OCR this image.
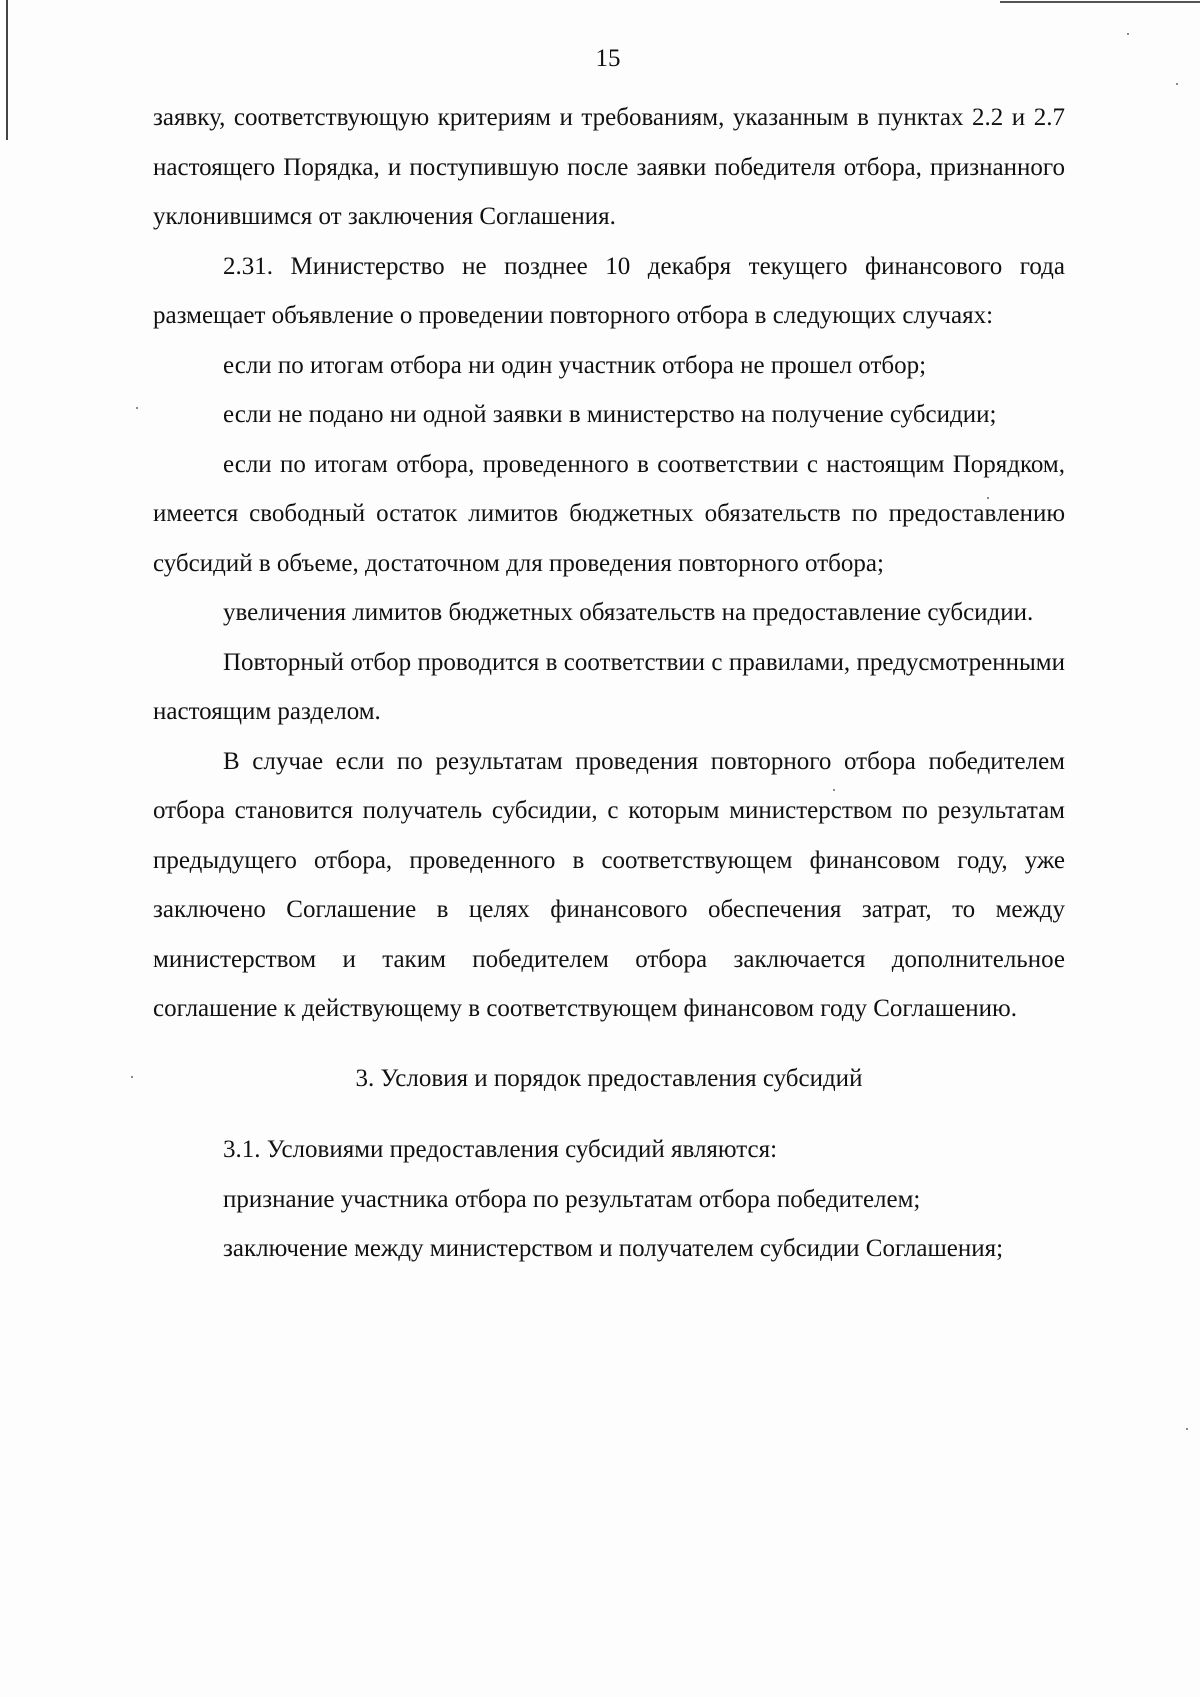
15

заявку, соответствующую критериям и требованиям, указанным в пунктах 2.2 и 2.7 настоящего Порядка, и поступившую после заявки победителя отбора, признанного уклонившимся от заключения Соглашения.

2.31. Министерство не позднее 10 декабря текущего финансового года размещает объявление о проведении повторного отбора в следующих случаях:

если по итогам отбора ни один участник отбора не прошел отбор;

если не подано ни одной заявки в министерство на получение субсидии;

если по итогам отбора, проведенного в соответствии с настоящим Порядком, имеется свободный остаток лимитов бюджетных обязательств по предоставлению субсидий в объеме, достаточном для проведения повторного отбора;

увеличения лимитов бюджетных обязательств на предоставление субсидии.

Повторный отбор проводится в соответствии с правилами, предусмотренными настоящим разделом.

В случае если по результатам проведения повторного отбора победителем отбора становится получатель субсидии, с которым министерством по результатам предыдущего отбора, проведенного в соответствующем финансовом году, уже заключено Соглашение в целях финансового обеспечения затрат, то между министерством и таким победителем отбора заключается дополнительное соглашение к действующему в соответствующем финансовом году Соглашению.

3. Условия и порядок предоставления субсидий

3.1. Условиями предоставления субсидий являются:

признание участника отбора по результатам отбора победителем;

заключение между министерством и получателем субсидии Соглашения;
